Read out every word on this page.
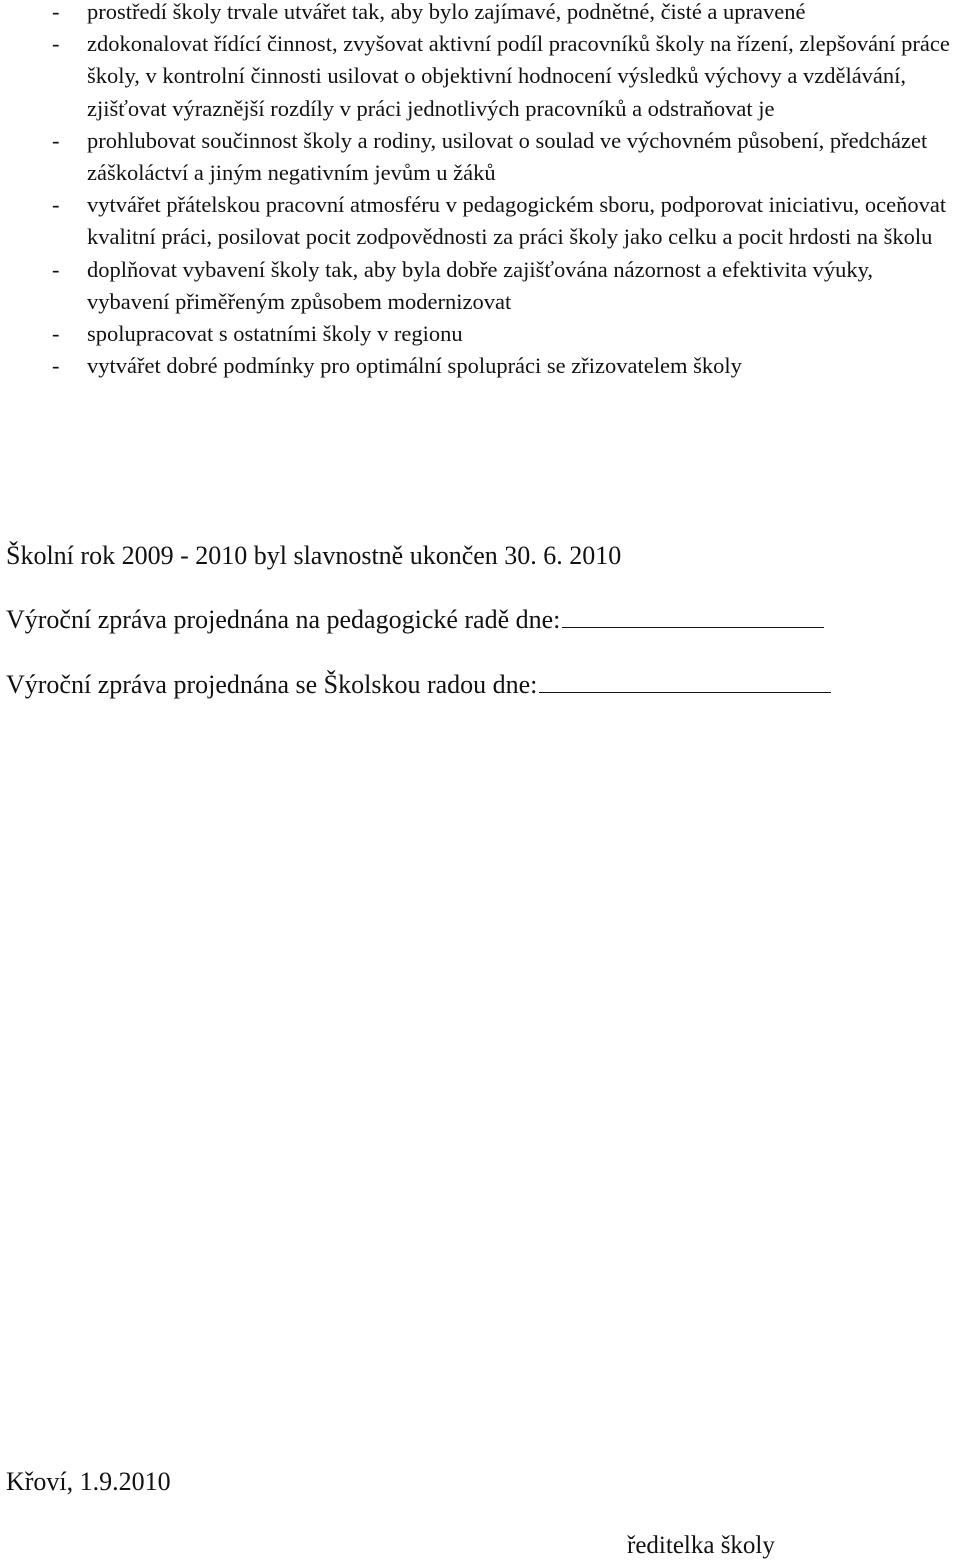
- prostředí školy trvale utvářet tak, aby bylo zajímavé, podnětné, čisté a upravené
- zdokonalovat řídící činnost, zvyšovat aktivní podíl pracovníků školy na řízení, zlepšování práce školy, v kontrolní činnosti usilovat o objektivní hodnocení výsledků výchovy a vzdělávání, zjišťovat výraznější rozdíly v práci jednotlivých pracovníků a odstraňovat je
- prohlubovat součinnost školy a rodiny, usilovat o soulad ve výchovném působení, předcházet záškoláctví a jiným negativním jevům u žáků
- vytvářet přátelskou pracovní atmosféru v pedagogickém sboru, podporovat iniciativu, oceňovat kvalitní práci, posilovat pocit zodpovědnosti za práci školy jako celku a pocit hrdosti na školu
- doplňovat vybavení školy tak, aby byla dobře zajišťována názornost a efektivita výuky, vybavení přiměřeným způsobem modernizovat
- spolupracovat s ostatními školy v regionu
- vytvářet dobré podmínky pro optimální spolupráci se zřizovatelem školy
Školní rok 2009 - 2010 byl slavnostně ukončen 30. 6. 2010
Výroční zpráva projednána na pedagogické radě dne:
Výroční zpráva projednána se Školskou radou dne:
Křoví, 1.9.2010
ředitelka školy
